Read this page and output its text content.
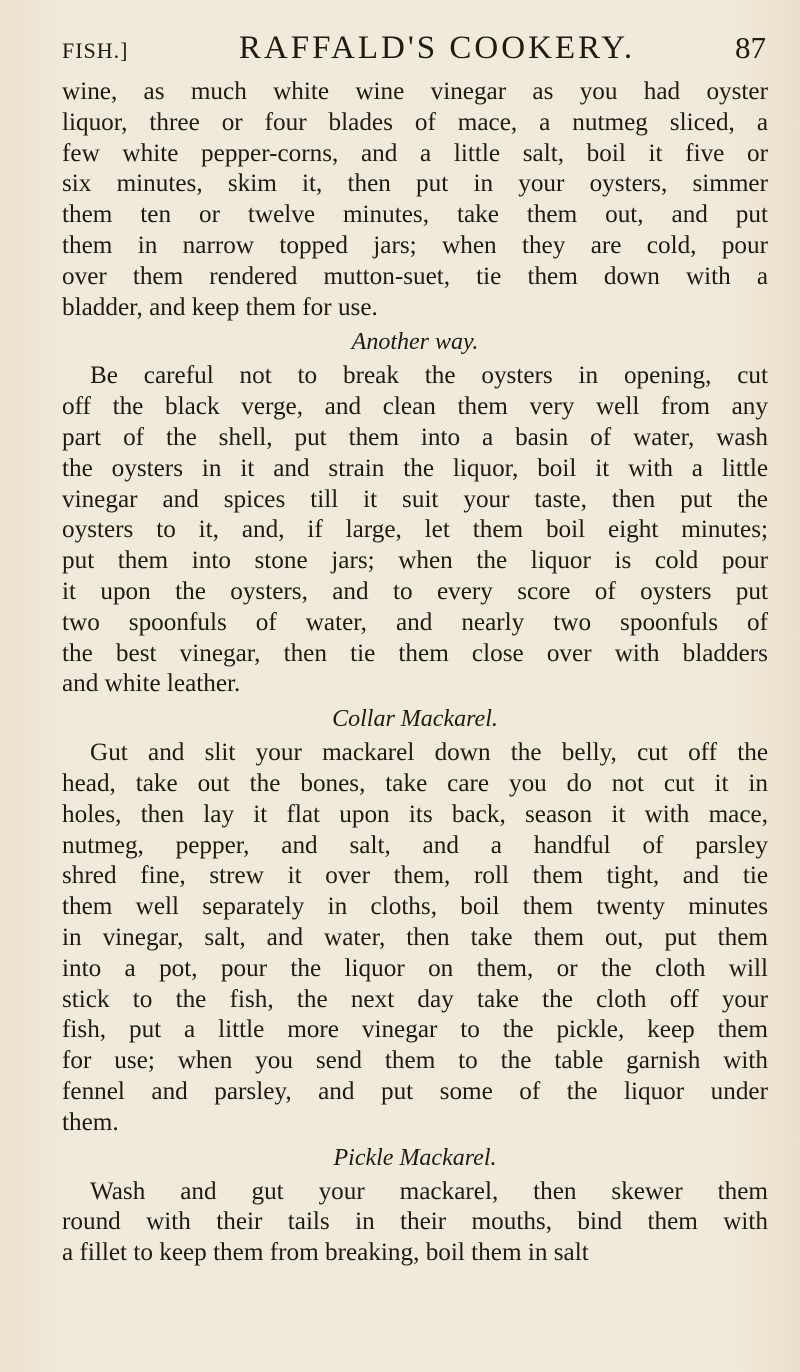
FISH.]	RAFFALD'S COOKERY.	87
wine, as much white wine vinegar as you had oyster
liquor, three or four blades of mace, a nutmeg sliced, a
few white pepper-corns, and a little salt, boil it five or
six minutes, skim it, then put in your oysters, simmer
them ten or twelve minutes, take them out, and put
them in narrow topped jars; when they are cold, pour
over them rendered mutton-suet, tie them down with a
bladder, and keep them for use.
Another way.
Be careful not to break the oysters in opening, cut
off the black verge, and clean them very well from any
part of the shell, put them into a basin of water, wash
the oysters in it and strain the liquor, boil it with a little
vinegar and spices till it suit your taste, then put the
oysters to it, and, if large, let them boil eight minutes;
put them into stone jars; when the liquor is cold pour
it upon the oysters, and to every score of oysters put
two spoonfuls of water, and nearly two spoonfuls of
the best vinegar, then tie them close over with bladders
and white leather.
Collar Mackarel.
Gut and slit your mackarel down the belly, cut off the
head, take out the bones, take care you do not cut it in
holes, then lay it flat upon its back, season it with mace,
nutmeg, pepper, and salt, and a handful of parsley
shred fine, strew it over them, roll them tight, and tie
them well separately in cloths, boil them twenty minutes
in vinegar, salt, and water, then take them out, put them
into a pot, pour the liquor on them, or the cloth will
stick to the fish, the next day take the cloth off your
fish, put a little more vinegar to the pickle, keep them
for use; when you send them to the table garnish with
fennel and parsley, and put some of the liquor under
them.
Pickle Mackarel.
Wash and gut your mackarel, then skewer them
round with their tails in their mouths, bind them with
a fillet to keep them from breaking, boil them in salt
